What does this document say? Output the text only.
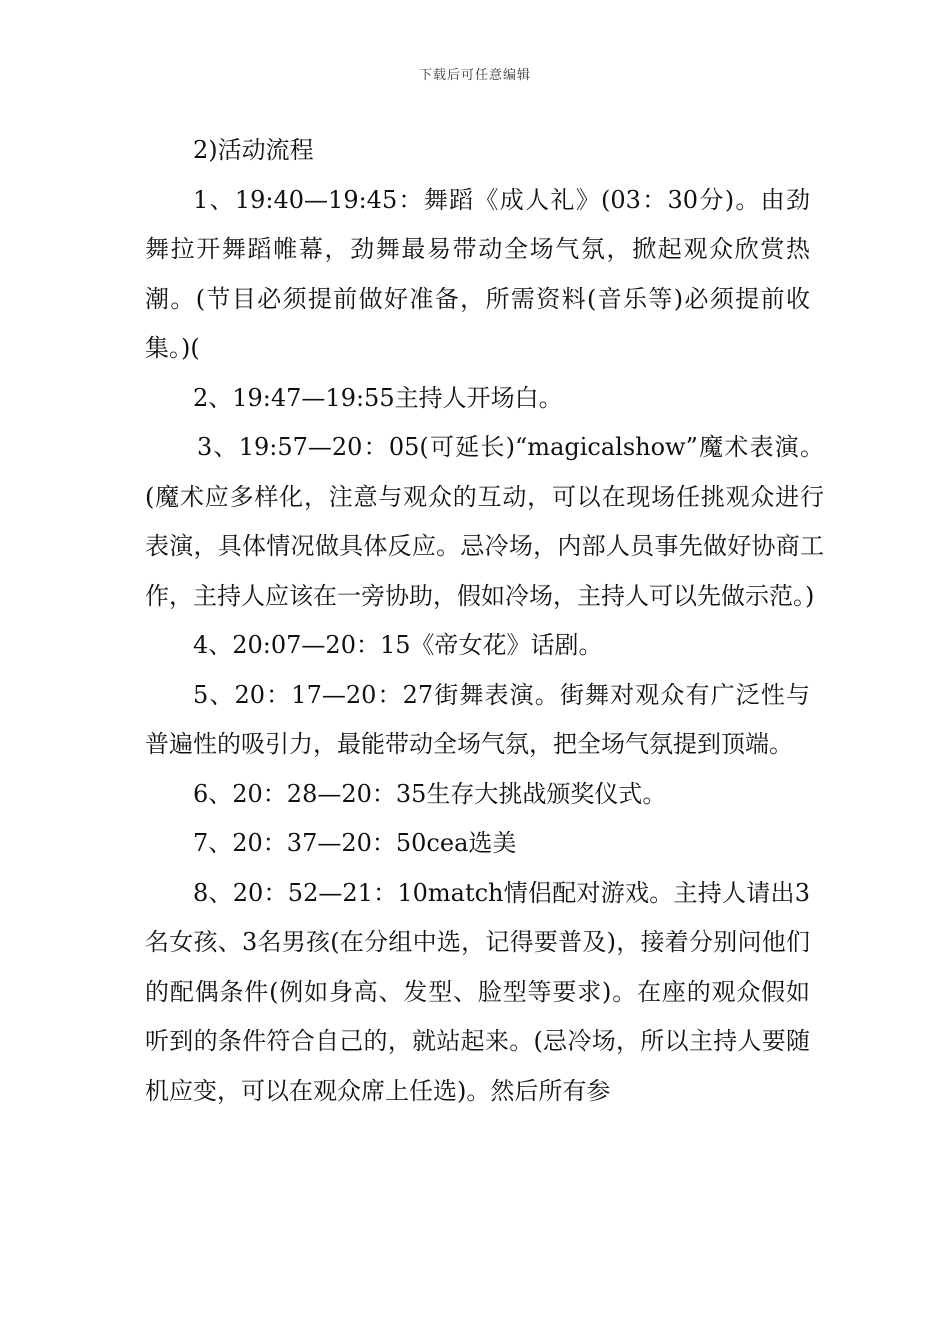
下载后可任意编辑

2)活动流程

1、19:40—19:45：舞蹈《成人礼》(03：30分)。由劲舞拉开舞蹈帷幕，劲舞最易带动全场气氛，掀起观众欣赏热潮。(节目必须提前做好准备，所需资料(音乐等)必须提前收集。)(

2、19:47—19:55主持人开场白。

3、19:57—20：05(可延长)“magicalshow”魔术表演。(魔术应多样化，注意与观众的互动，可以在现场任挑观众进行表演，具体情况做具体反应。忌冷场，内部人员事先做好协商工作，主持人应该在一旁协助，假如冷场，主持人可以先做示范。)

4、20:07—20：15《帝女花》话剧。

5、20：17—20：27街舞表演。街舞对观众有广泛性与普遍性的吸引力，最能带动全场气氛，把全场气氛提到顶端。

6、20：28—20：35生存大挑战颁奖仪式。

7、20：37—20：50cea选美

8、20：52—21：10match情侣配对游戏。主持人请出3名女孩、3名男孩(在分组中选，记得要普及)，接着分别问他们的配偶条件(例如身高、发型、脸型等要求)。在座的观众假如听到的条件符合自己的，就站起来。(忌冷场，所以主持人要随机应变，可以在观众席上任选)。然后所有参
